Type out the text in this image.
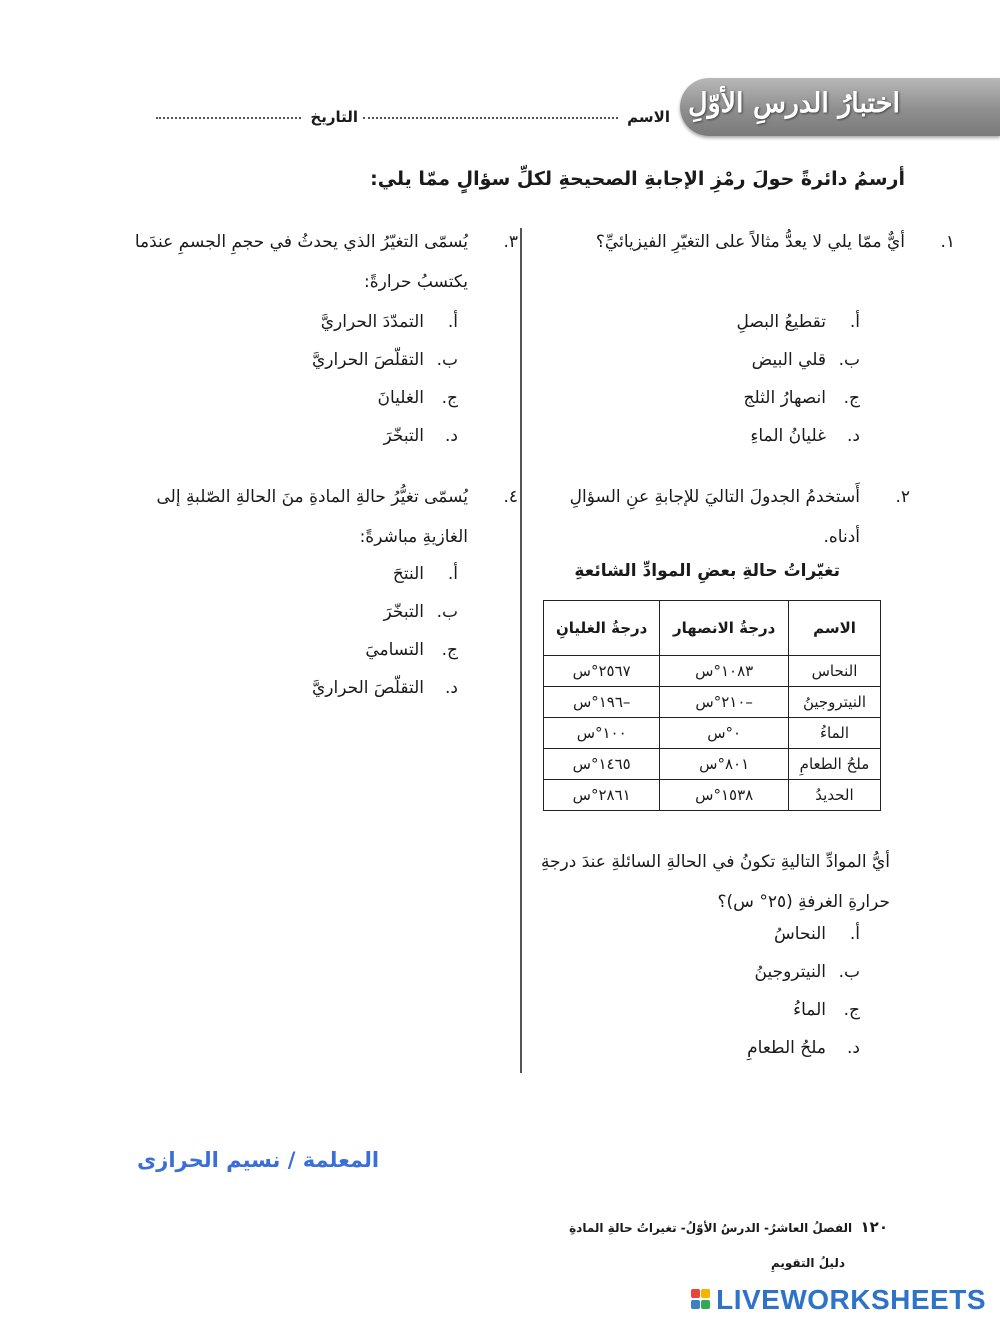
اختبارُ الدرسِ الأوّلِ
الاسم
التاريخ
أرسمُ دائرةً حولَ رمْزِ الإجابةِ الصحيحةِ لكلِّ سؤالٍ ممّا يلي:
١.
أيٌّ ممّا يلي لا يعدُّ مثالاً على التغيّرِ الفيزيائيِّ؟
أ.تقطيعُ البصلِ
ب.قلي البيض
ج.انصهارُ الثلج
د.غليانُ الماءِ
٢.
أَستخدمُ الجدولَ التاليَ للإجابةِ عنِ السؤالِ أدناه.
تغيّراتُ حالةِ بعضِ الموادِّ الشائعةِ
الاسم	درجةُ الانصهار	درجةُ الغليانِ
النحاس	١٠٨٣°س	٢٥٦٧°س
النيتروجينُ	–٢١٠°س	–١٩٦°س
الماءُ	٠°س	١٠٠°س
ملحُ الطعامِ	٨٠١°س	١٤٦٥°س
الحديدُ	١٥٣٨°س	٢٨٦١°س
أيُّ الموادِّ التاليةِ تكونُ في الحالةِ السائلةِ عندَ درجةِ حرارةِ الغرفةِ (٢٥° س)؟
أ.النحاسُ
ب.النيتروجينُ
ج.الماءُ
د.ملحُ الطعامِ
٣.
يُسمّى التغيّرُ الذي يحدثُ في حجمِ الجسمِ عندَما يكتسبُ حرارةً:
أ.التمدّدَ الحراريَّ
ب.التقلّصَ الحراريَّ
ج.الغليانَ
د.التبخّرَ
٤.
يُسمّى تغيُّرُ حالةِ المادةِ منَ الحالةِ الصّلبةِ إلى الغازيةِ مباشرةً:
أ.النتحَ
ب.التبخّرَ
ج.التساميَ
د.التقلّصَ الحراريَّ
المعلمة / نسيم الحرازى
١٢٠  الفصلُ العاشرُ- الدرسُ الأوّلُ- تغيراتُ حالةِ المادةِ
دليلُ التقويمِ
LIVEWORKSHEETS
